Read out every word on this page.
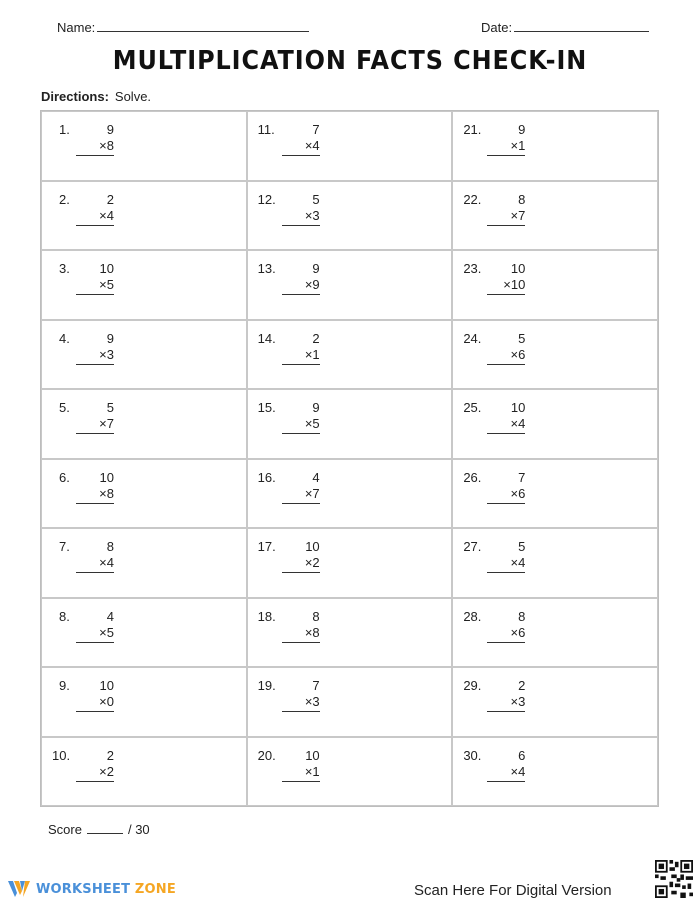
Name:	Date:
MULTIPLICATION FACTS CHECK-IN
Directions: Solve.
1.	9
×8
11.	7
×4
21.	9
×1
2.	2
×4
12.	5
×3
22.	8
×7
3.	10
×5
13.	9
×9
23.	10
×10
4.	9
×3
14.	2
×1
24.	5
×6
5.	5
×7
15.	9
×5
25.	10
×4
6.	10
×8
16.	4
×7
26.	7
×6
7.	8
×4
17.	10
×2
27.	5
×4
8.	4
×5
18.	8
×8
28.	8
×6
9.	10
×0
19.	7
×3
29.	2
×3
10.	2
×2
20.	10
×1
30.	6
×4
Score	/ 30
WORKSHEET ZONE	Scan Here For Digital Version
